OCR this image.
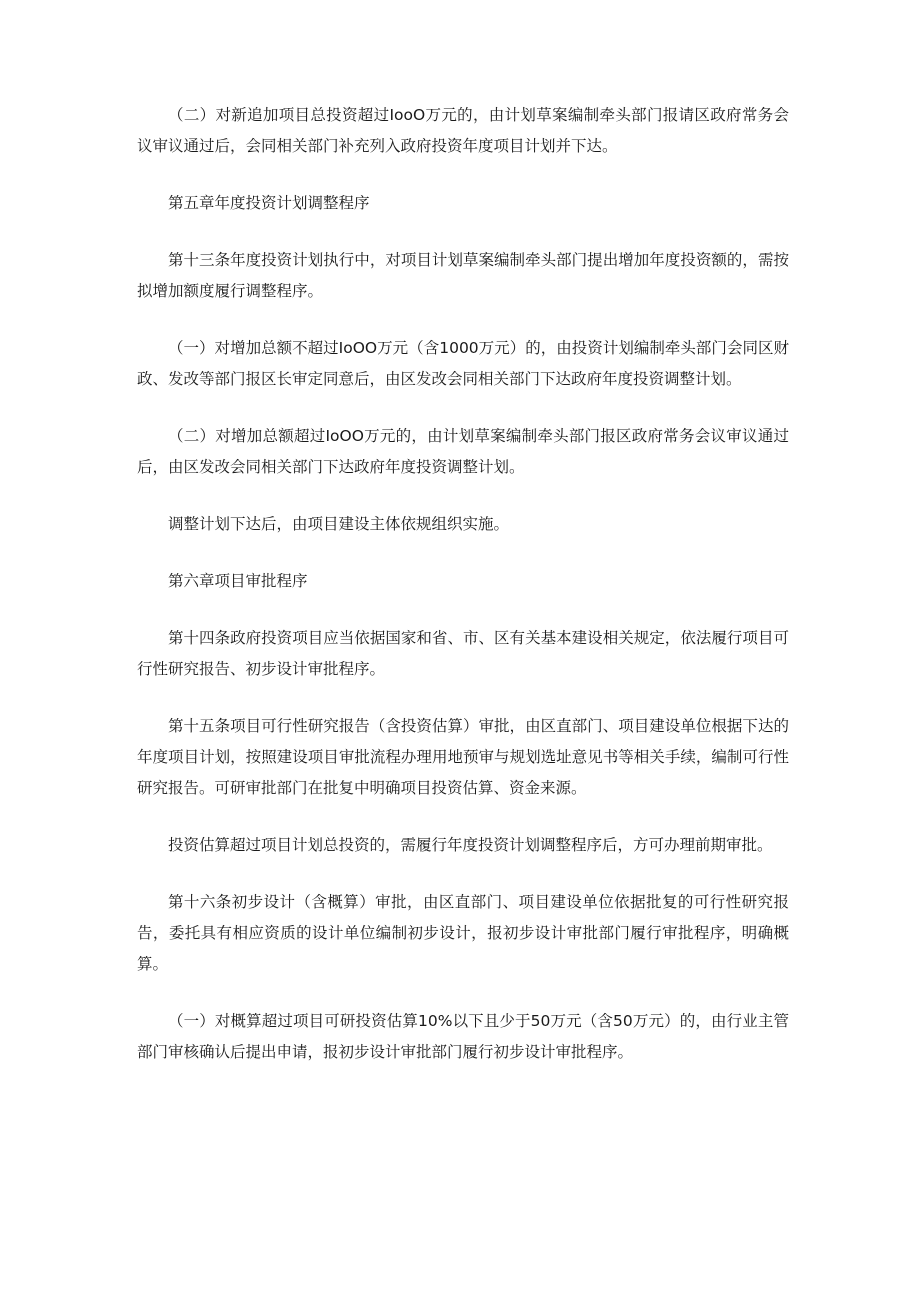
（二）对新追加项目总投资超过IooO万元的，由计划草案编制牵头部门报请区政府常务会议审议通过后，会同相关部门补充列入政府投资年度项目计划并下达。

第五章年度投资计划调整程序

第十三条年度投资计划执行中，对项目计划草案编制牵头部门提出增加年度投资额的，需按拟增加额度履行调整程序。

（一）对增加总额不超过IoOO万元（含1000万元）的，由投资计划编制牵头部门会同区财政、发改等部门报区长审定同意后，由区发改会同相关部门下达政府年度投资调整计划。

（二）对增加总额超过IoOO万元的，由计划草案编制牵头部门报区政府常务会议审议通过后，由区发改会同相关部门下达政府年度投资调整计划。

调整计划下达后，由项目建设主体依规组织实施。

第六章项目审批程序

第十四条政府投资项目应当依据国家和省、市、区有关基本建设相关规定，依法履行项目可行性研究报告、初步设计审批程序。

第十五条项目可行性研究报告（含投资估算）审批，由区直部门、项目建设单位根据下达的年度项目计划，按照建设项目审批流程办理用地预审与规划选址意见书等相关手续，编制可行性研究报告。可研审批部门在批复中明确项目投资估算、资金来源。

投资估算超过项目计划总投资的，需履行年度投资计划调整程序后，方可办理前期审批。

第十六条初步设计（含概算）审批，由区直部门、项目建设单位依据批复的可行性研究报告，委托具有相应资质的设计单位编制初步设计，报初步设计审批部门履行审批程序，明确概算。

（一）对概算超过项目可研投资估算10%以下且少于50万元（含50万元）的，由行业主管部门审核确认后提出申请，报初步设计审批部门履行初步设计审批程序。
